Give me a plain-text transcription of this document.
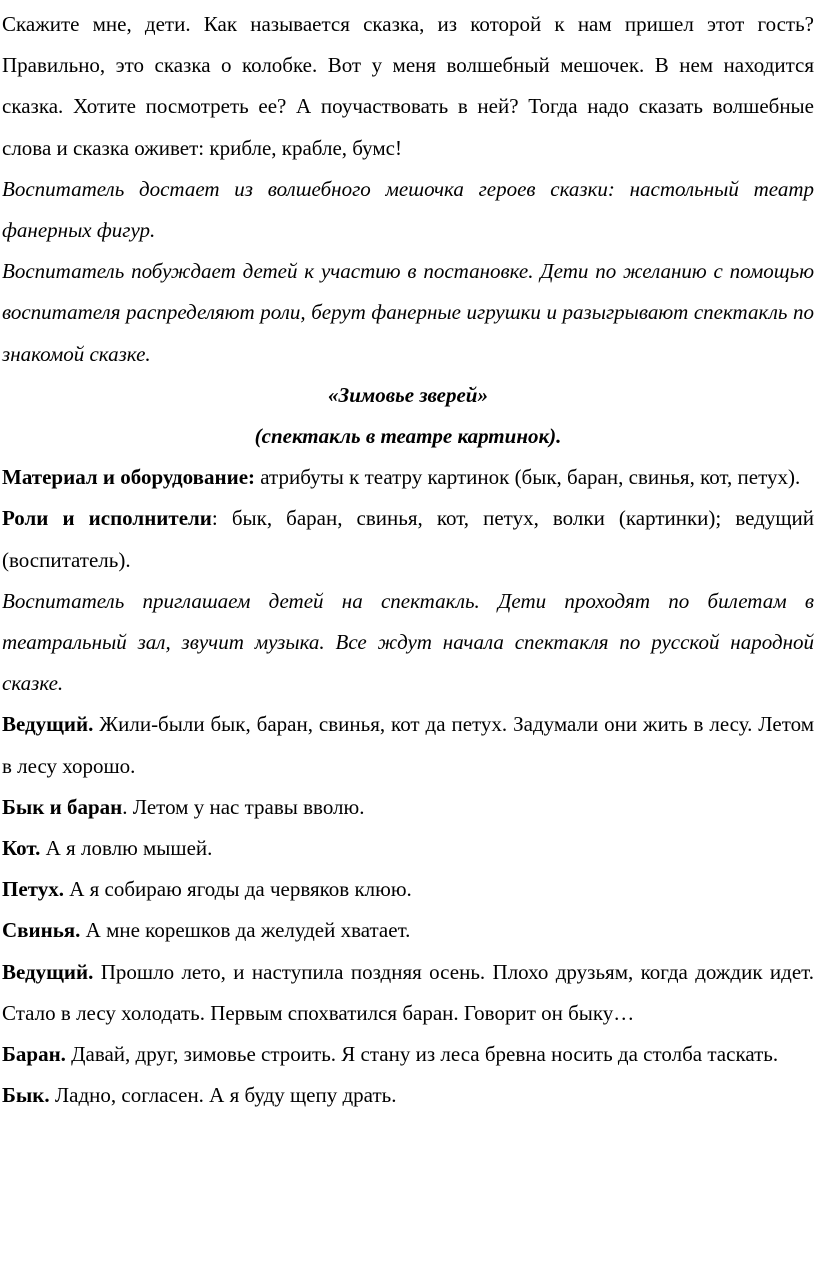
Скажите мне, дети. Как называется сказка, из которой к нам пришел этот гость? Правильно, это сказка о колобке. Вот у меня волшебный мешочек. В нем находится сказка. Хотите посмотреть ее? А поучаствовать в ней? Тогда надо сказать волшебные слова и сказка оживет: крибле, крабле, бумс!

Воспитатель достает из волшебного мешочка героев сказки: настольный театр фанерных фигур.

Воспитатель побуждает детей к участию в постановке. Дети по желанию с помощью воспитателя распределяют роли, берут фанерные игрушки и разыгрывают спектакль по знакомой сказке.

«Зимовье зверей»

(спектакль в театре картинок).

Материал и оборудование: атрибуты к театру картинок (бык, баран, свинья, кот, петух).

Роли и исполнители: бык, баран, свинья, кот, петух, волки (картинки); ведущий (воспитатель).

Воспитатель приглашаем детей на спектакль. Дети проходят по билетам в театральный зал, звучит музыка. Все ждут начала спектакля по русской народной сказке.

Ведущий. Жили-были бык, баран, свинья, кот да петух. Задумали они жить в лесу. Летом в лесу хорошо.

Бык и баран. Летом у нас травы вволю.

Кот. А я ловлю мышей.

Петух. А я собираю ягоды да червяков клюю.

Свинья. А мне корешков да желудей хватает.

Ведущий. Прошло лето, и наступила поздняя осень. Плохо друзьям, когда дождик идет. Стало в лесу холодать. Первым спохватился баран. Говорит он быку…

Баран. Давай, друг, зимовье строить. Я стану из леса бревна носить да столба таскать.

Бык. Ладно, согласен. А я буду щепу драть.
